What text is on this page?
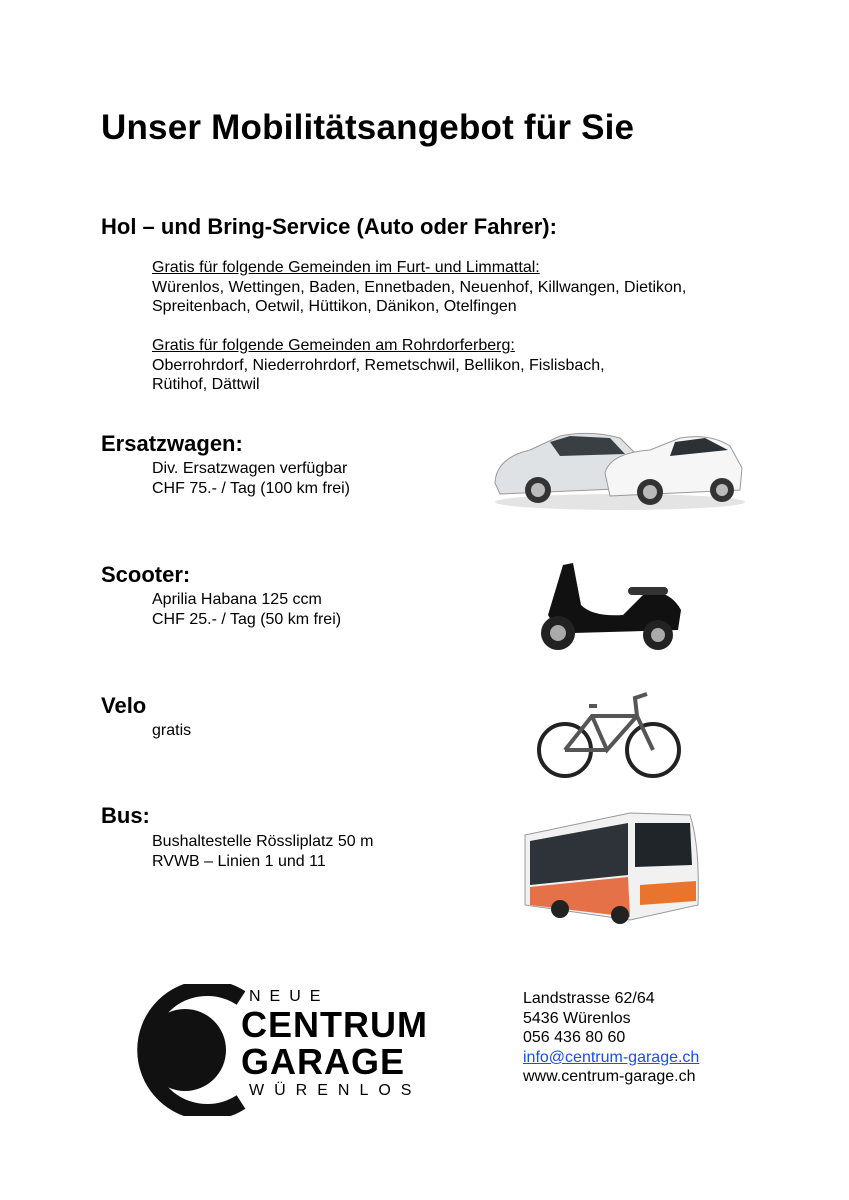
Unser Mobilitätsangebot für Sie
Hol – und Bring-Service (Auto oder Fahrer):
Gratis für folgende Gemeinden im Furt- und Limmattal:
Würenlos, Wettingen, Baden, Ennetbaden, Neuenhof, Killwangen, Dietikon,
Spreitenbach, Oetwil, Hüttikon, Dänikon, Otelfingen
Gratis für folgende Gemeinden am Rohrdorferberg:
Oberrohrdorf, Niederrohrdorf, Remetschwil, Bellikon, Fislisbach,
Rütihof, Dättwil
Ersatzwagen:
Div. Ersatzwagen verfügbar
CHF 75.- / Tag (100 km frei)
Scooter:
Aprilia Habana 125 ccm
CHF 25.- / Tag (50 km frei)
Velo
gratis
Bus:
Bushaltestelle Rössliplatz 50 m
RVWB – Linien 1 und 11
NEUE
CENTRUM
GARAGE
WÜRENLOS
Landstrasse 62/64
5436 Würenlos
056 436 80 60
info@centrum-garage.ch
www.centrum-garage.ch
